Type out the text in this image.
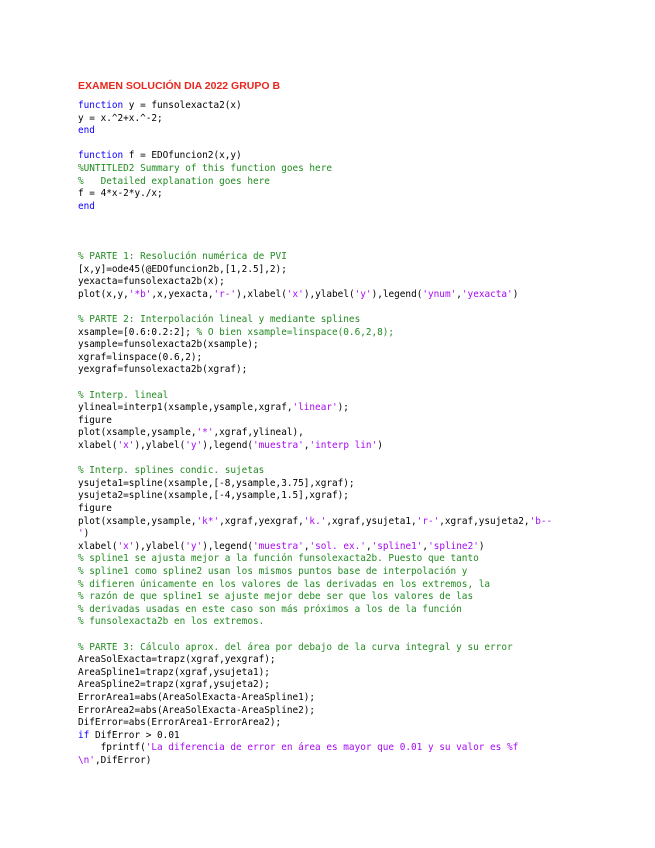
EXAMEN SOLUCIÓN DIA 2022 GRUPO B
function y = funsolexacta2(x)
y = x.^2+x.^-2;
end
function f = EDOfuncion2(x,y)
%UNTITLED2 Summary of this function goes here
%   Detailed explanation goes here
f = 4*x-2*y./x;
end
% PARTE 1: Resolución numérica de PVI
[x,y]=ode45(@EDOfuncion2b,[1,2.5],2);
yexacta=funsolexacta2b(x);
plot(x,y,'*b',x,yexacta,'r-'),xlabel('x'),ylabel('y'),legend('ynum','yexacta')
% PARTE 2: Interpolación lineal y mediante splines
xsample=[0.6:0.2:2]; % O bien xsample=linspace(0.6,2,8);
ysample=funsolexacta2b(xsample);
xgraf=linspace(0.6,2);
yexgraf=funsolexacta2b(xgraf);
% Interp. lineal
ylineal=interp1(xsample,ysample,xgraf,'linear');
figure
plot(xsample,ysample,'*',xgraf,ylineal),
xlabel('x'),ylabel('y'),legend('muestra','interp lin')
% Interp. splines condic. sujetas
ysujeta1=spline(xsample,[-8,ysample,3.75],xgraf);
ysujeta2=spline(xsample,[-4,ysample,1.5],xgraf);
figure
plot(xsample,ysample,'k*',xgraf,yexgraf,'k.',xgraf,ysujeta1,'r-',xgraf,ysujeta2,'b--
')
xlabel('x'),ylabel('y'),legend('muestra','sol. ex.','spline1','spline2')
% spline1 se ajusta mejor a la función funsolexacta2b. Puesto que tanto
% spline1 como spline2 usan los mismos puntos base de interpolación y
% difieren únicamente en los valores de las derivadas en los extremos, la
% razón de que spline1 se ajuste mejor debe ser que los valores de las
% derivadas usadas en este caso son más próximos a los de la función
% funsolexacta2b en los extremos.
% PARTE 3: Cálculo aprox. del área por debajo de la curva integral y su error
AreaSolExacta=trapz(xgraf,yexgraf);
AreaSpline1=trapz(xgraf,ysujeta1);
AreaSpline2=trapz(xgraf,ysujeta2);
ErrorArea1=abs(AreaSolExacta-AreaSpline1);
ErrorArea2=abs(AreaSolExacta-AreaSpline2);
DifError=abs(ErrorArea1-ErrorArea2);
if DifError > 0.01
fprintf('La diferencia de error en área es mayor que 0.01 y su valor es %f
\n',DifError)
